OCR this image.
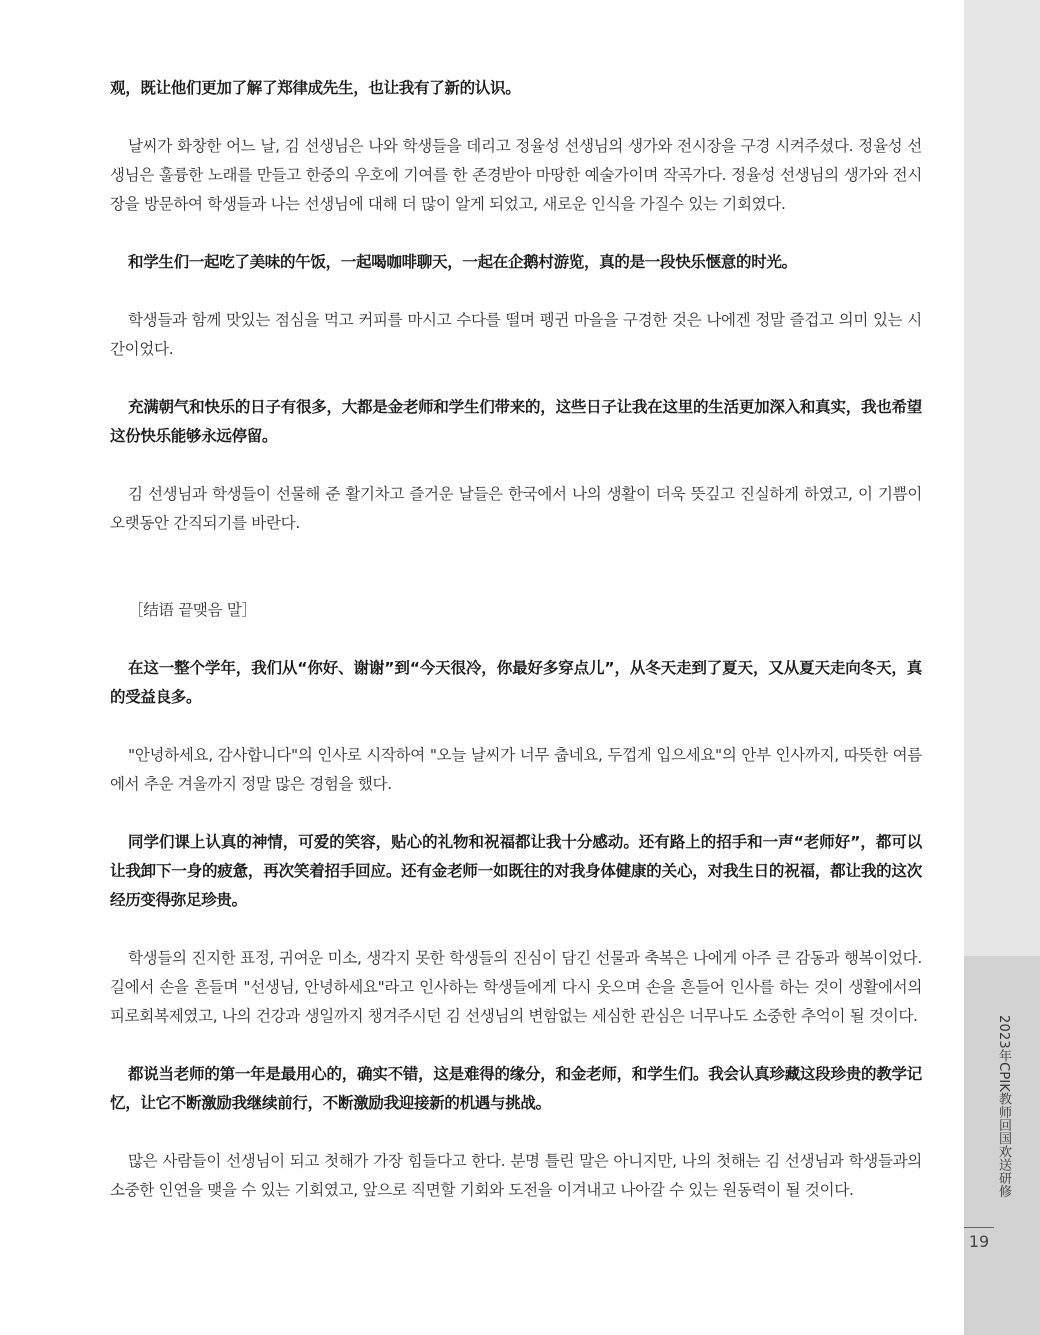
观，既让他们更加了解了郑律成先生，也让我有了新的认识。

날씨가 화창한 어느 날, 김 선생님은 나와 학생들을 데리고 정율성 선생님의 생가와 전시장을 구경 시켜주셨다. 정율성 선생님은 훌륭한 노래를 만들고 한중의 우호에 기여를 한 존경받아 마땅한 예술가이며 작곡가다. 정율성 선생님의 생가와 전시장을 방문하여 학생들과 나는 선생님에 대해 더 많이 알게 되었고, 새로운 인식을 가질수 있는 기회였다.

和学生们一起吃了美味的午饭，一起喝咖啡聊天，一起在企鹅村游览，真的是一段快乐惬意的时光。

학생들과 함께 맛있는 점심을 먹고 커피를 마시고 수다를 떨며 펭귄 마을을 구경한 것은 나에겐 정말 즐겁고 의미 있는 시간이었다.

充满朝气和快乐的日子有很多，大都是金老师和学生们带来的，这些日子让我在这里的生活更加深入和真实，我也希望这份快乐能够永远停留。

김 선생님과 학생들이 선물해 준 활기차고 즐거운 날들은 한국에서 나의 생활이 더욱 뜻깊고 진실하게 하였고, 이 기쁨이 오랫동안 간직되기를 바란다.

［结语 끝맺음 말］

在这一整个学年，我们从“你好、谢谢”到“今天很冷，你最好多穿点儿”，从冬天走到了夏天，又从夏天走向冬天，真的受益良多。

"안녕하세요, 감사합니다"의 인사로 시작하여 "오늘 날씨가 너무 춥네요, 두껍게 입으세요"의 안부 인사까지, 따뜻한 여름에서 추운 겨울까지 정말 많은 경험을 했다.

同学们课上认真的神情，可爱的笑容，贴心的礼物和祝福都让我十分感动。还有路上的招手和一声“老师好”，都可以让我卸下一身的疲惫，再次笑着招手回应。还有金老师一如既往的对我身体健康的关心，对我生日的祝福，都让我的这次经历变得弥足珍贵。

학생들의 진지한 표정, 귀여운 미소, 생각지 못한 학생들의 진심이 담긴 선물과 축복은 나에게 아주 큰 감동과 행복이었다. 길에서 손을 흔들며 "선생님, 안녕하세요"라고 인사하는 학생들에게 다시 웃으며 손을 흔들어 인사를 하는 것이 생활에서의 피로회복제였고, 나의 건강과 생일까지 챙겨주시던 김 선생님의 변함없는 세심한 관심은 너무나도 소중한 추억이 될 것이다.

都说当老师的第一年是最用心的，确实不错，这是难得的缘分，和金老师，和学生们。我会认真珍藏这段珍贵的教学记忆，让它不断激励我继续前行，不断激励我迎接新的机遇与挑战。

많은 사람들이 선생님이 되고 첫해가 가장 힘들다고 한다. 분명 틀린 말은 아니지만, 나의 첫해는 김 선생님과 학생들과의 소중한 인연을 맺을 수 있는 기회였고, 앞으로 직면할 기회와 도전을 이겨내고 나아갈 수 있는 원동력이 될 것이다.	2023年CPIK教师回国欢送研修
19
